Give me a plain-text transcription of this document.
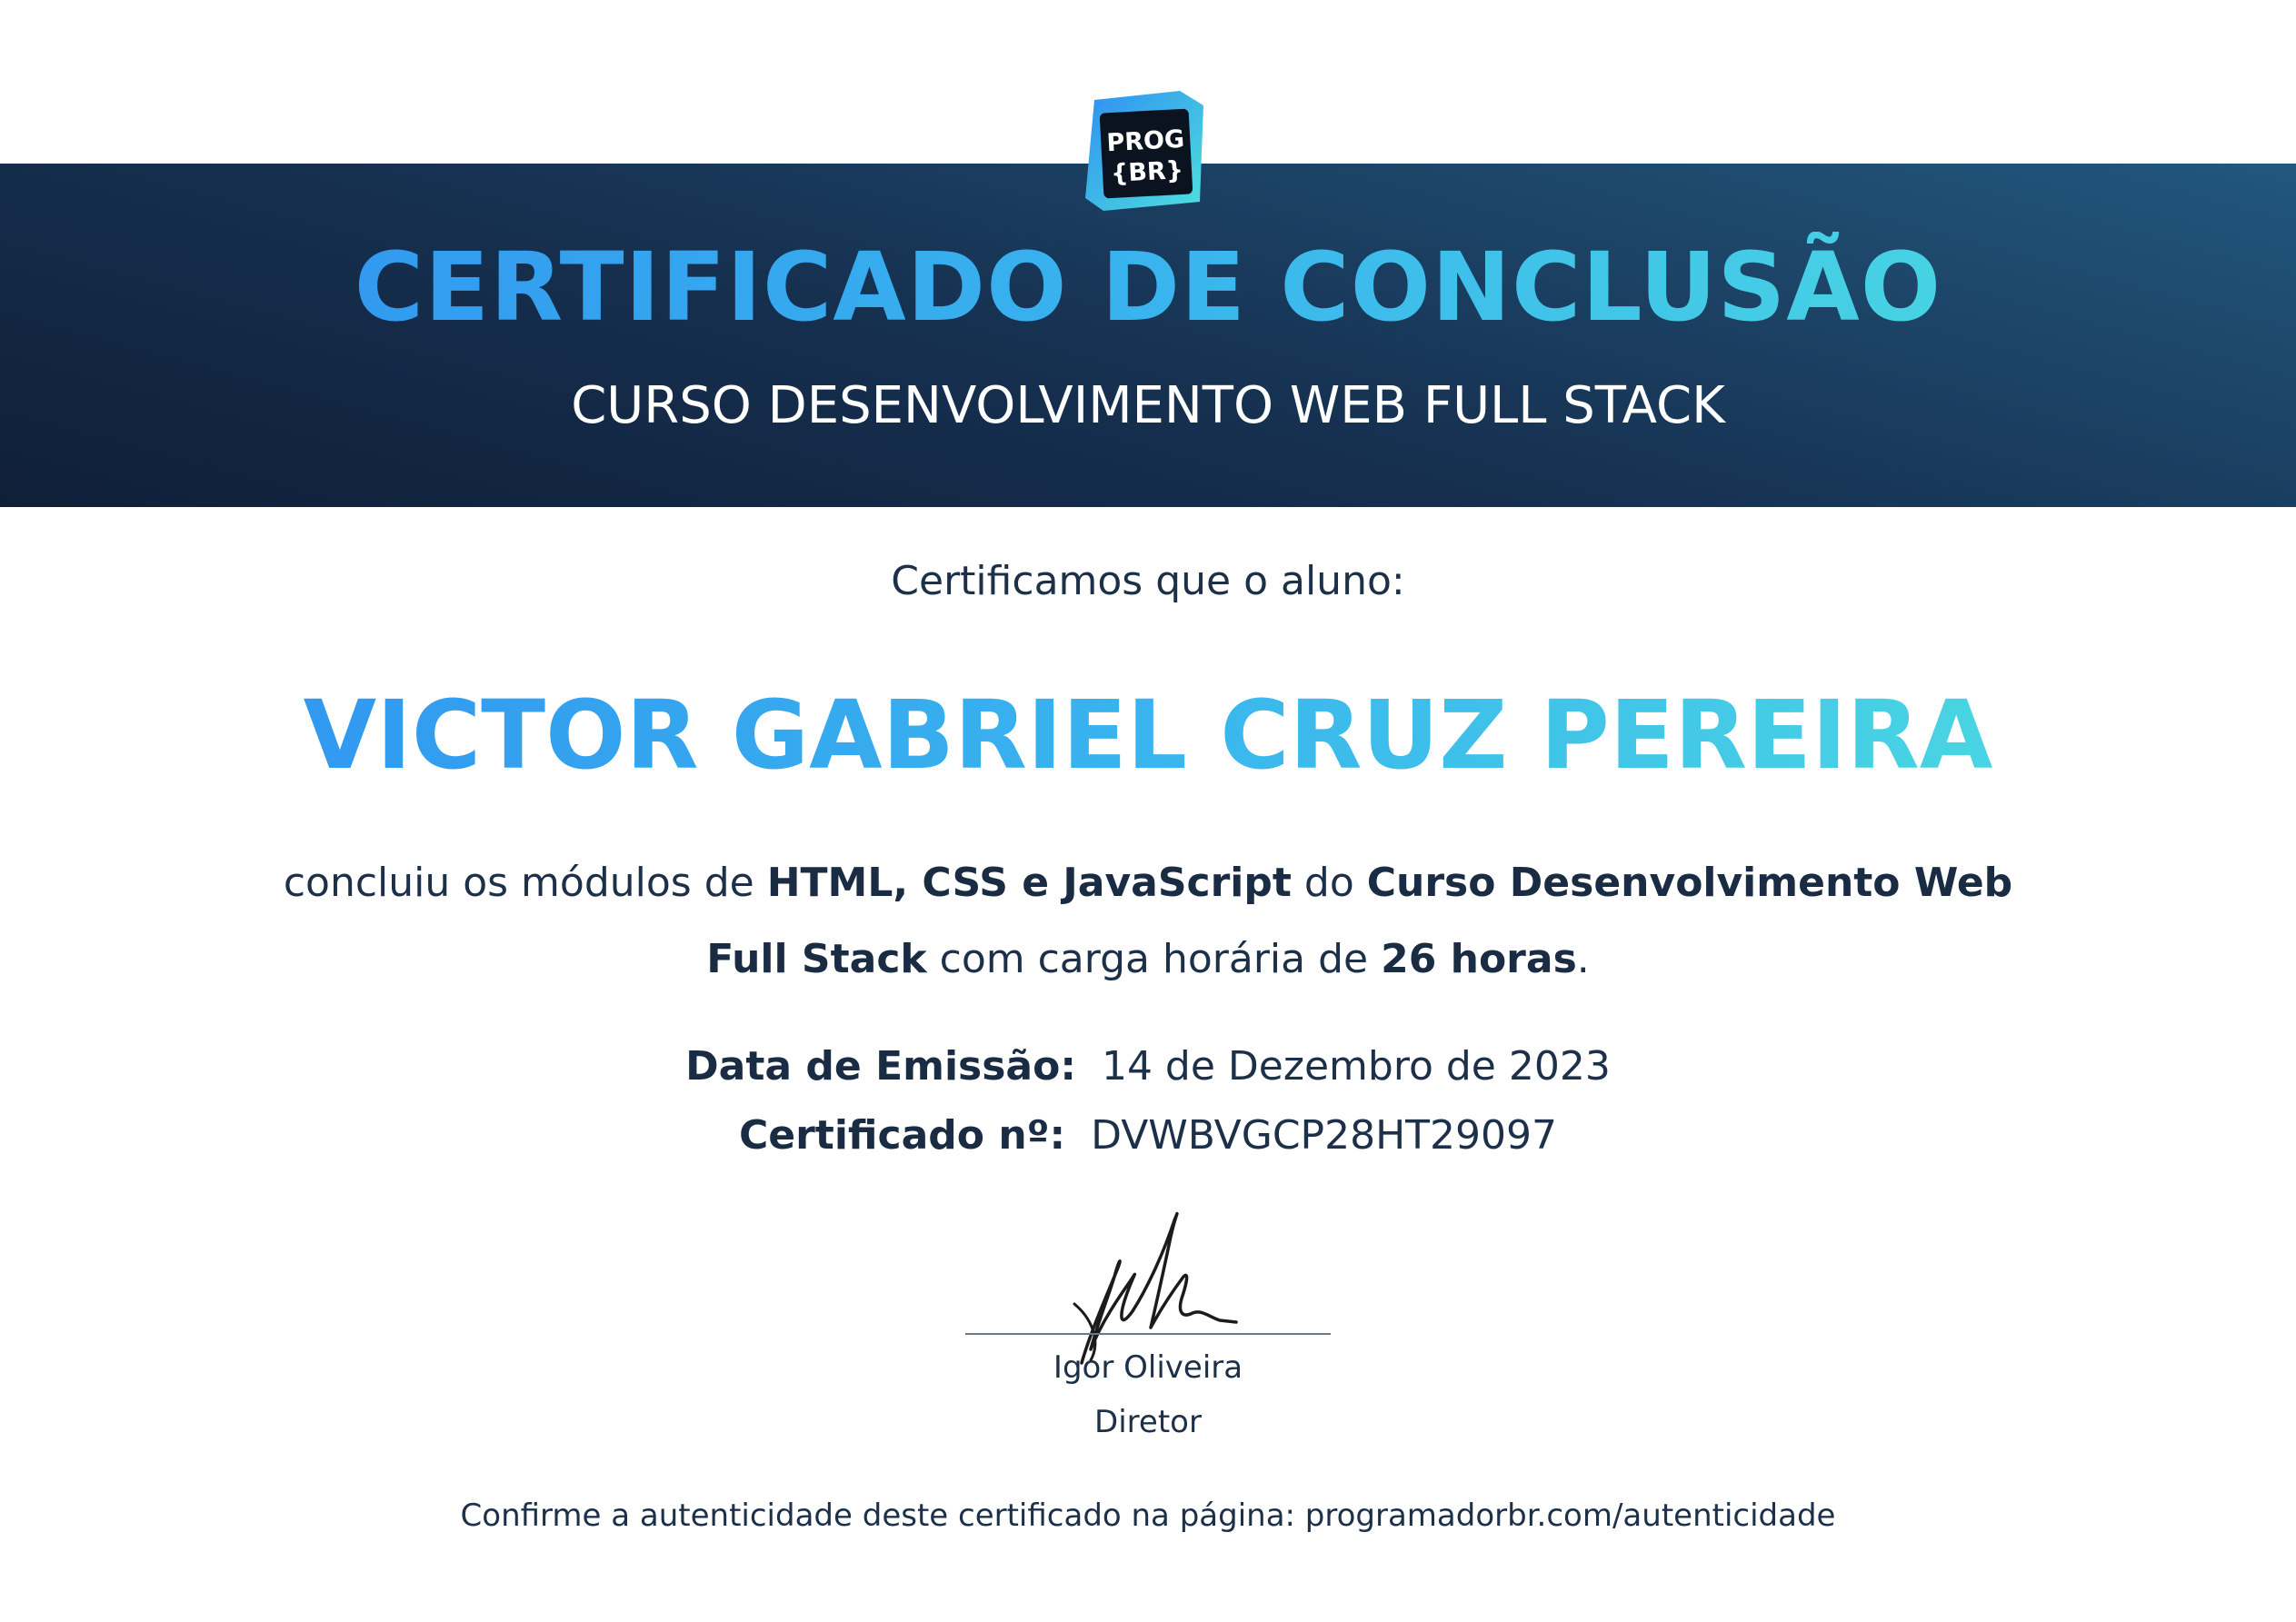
PROG
{BR}
CERTIFICADO DE CONCLUSÃO
CURSO DESENVOLVIMENTO WEB FULL STACK
Certificamos que o aluno:
VICTOR GABRIEL CRUZ PEREIRA
concluiu os módulos de HTML, CSS e JavaScript do Curso Desenvolvimento Web Full Stack com carga horária de 26 horas.
Data de Emissão: 14 de Dezembro de 2023
Certificado nº: DVWBVGCP28HT29097
Igor Oliveira
Diretor
Confirme a autenticidade deste certificado na página: programadorbr.com/autenticidade
